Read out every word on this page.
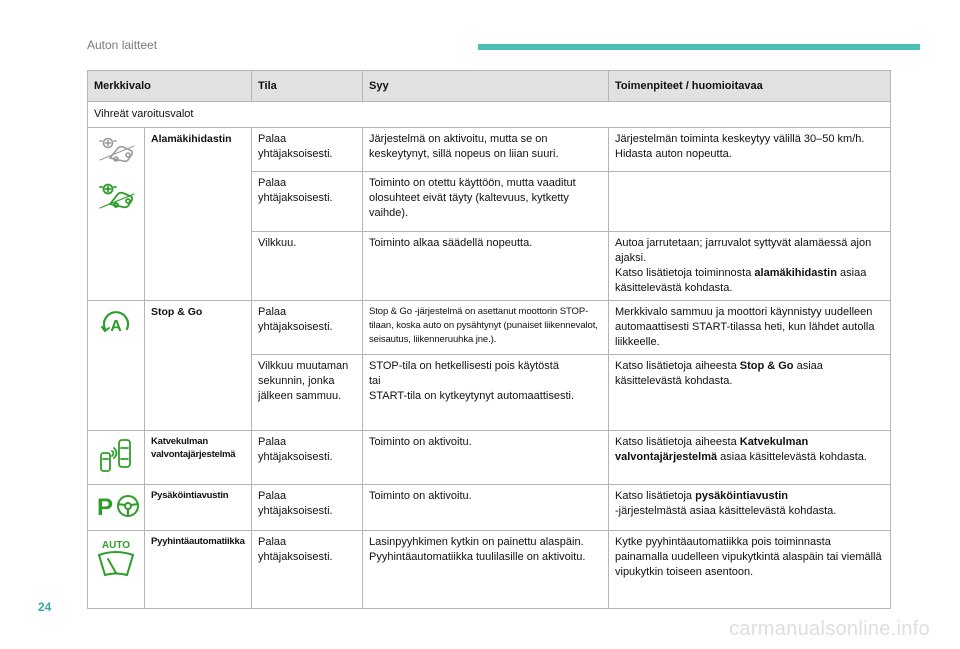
Auton laitteet
Merkkivalo		Tila	Syy	Toimenpiteet / huomioitavaa
Vihreät varoitusvalot				

	Alamäkihidastin	Palaa
yhtäjaksoisesti.	Järjestelmä on aktivoitu, mutta se on keskeytynyt, sillä nopeus on liian suuri.	Järjestelmän toiminta keskeytyy välillä 30–50 km/h. Hidasta auton nopeutta.
		Palaa
yhtäjaksoisesti.	Toiminto on otettu käyttöön, mutta vaaditut olosuhteet eivät täyty (kaltevuus, kytketty vaihde).	
		Vilkkuu.	Toiminto alkaa säädellä nopeutta.	Autoa jarrutetaan; jarruvalot syttyvät alamäessä ajon ajaksi.
Katso lisätietoja toiminnosta alamäkihidastin asiaa käsittelevästä kohdasta.

A	Stop & Go	Palaa
yhtäjaksoisesti.	Stop & Go -järjestelmä on asettanut moottorin STOP-tilaan, koska auto on pysähtynyt (punaiset liikennevalot, seisautus, liikenneruuhka jne.).	Merkkivalo sammuu ja moottori käynnistyy uudelleen automaattisesti START-tilassa heti, kun lähdet autolla liikkeelle.
		Vilkkuu muutaman sekunnin, jonka jälkeen sammuu.	STOP-tila on hetkellisesti pois käytöstä
tai
START-tila on kytkeytynyt automaattisesti.	Katso lisätietoja aiheesta Stop & Go asiaa käsittelevästä kohdasta.

	Katvekulman valvontajärjestelmä	Palaa
yhtäjaksoisesti.	Toiminto on aktivoitu.	Katso lisätietoja aiheesta Katvekulman valvontajärjestelmä asiaa käsittelevästä kohdasta.

P	Pysäköintiavustin	Palaa
yhtäjaksoisesti.	Toiminto on aktivoitu.	Katso lisätietoja pysäköintiavustin
-järjestelmästä asiaa käsittelevästä kohdasta.

AUTO	Pyyhintäautomatiikka	Palaa
yhtäjaksoisesti.	Lasinpyyhkimen kytkin on painettu alaspäin. Pyyhintäautomatiikka tuulilasille on aktivoitu.	Kytke pyyhintäautomatiikka pois toiminnasta painamalla uudelleen vipukytkintä alaspäin tai viemällä vipukytkin toiseen asentoon.
24
carmanualsonline.info
